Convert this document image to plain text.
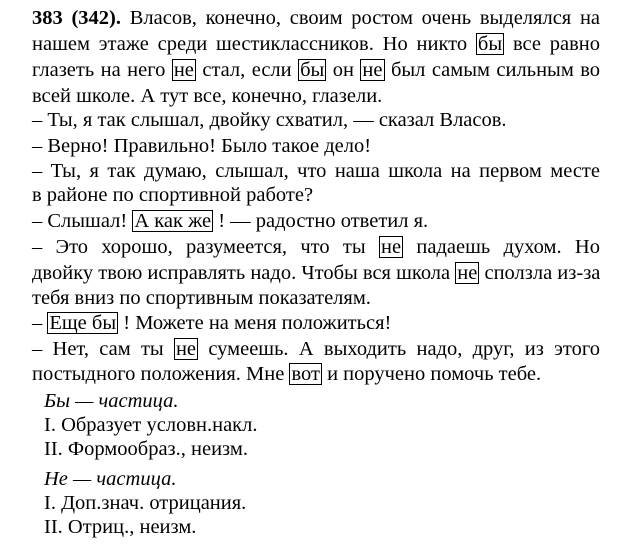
383 (342). Власов, конечно, своим ростом очень выделялся на
нашем этаже среди шестиклассников. Но никто бы все равно
глазеть на него не стал, если бы он не был самым сильным во
всей школе. А тут все, конечно, глазели.
– Ты, я так слышал, двойку схватил, — сказал Власов.
– Верно! Правильно! Было такое дело!
– Ты, я так думаю, слышал, что наша школа на первом месте
в районе по спортивной работе?
– Слышал! А как же ! — радостно ответил я.
– Это хорошо, разумеется, что ты не падаешь духом. Но
двойку твою исправлять надо. Чтобы вся школа не сползла из-за
тебя вниз по спортивным показателям.
– Еще бы ! Можете на меня положиться!
– Нет, сам ты не сумеешь. А выходить надо, друг, из этого
постыдного положения. Мне вот и поручено помочь тебе.
Бы — частица.
I. Образует условн.накл.
II. Формообраз., неизм.
Не — частица.
I. Доп.знач. отрицания.
II. Отриц., неизм.
